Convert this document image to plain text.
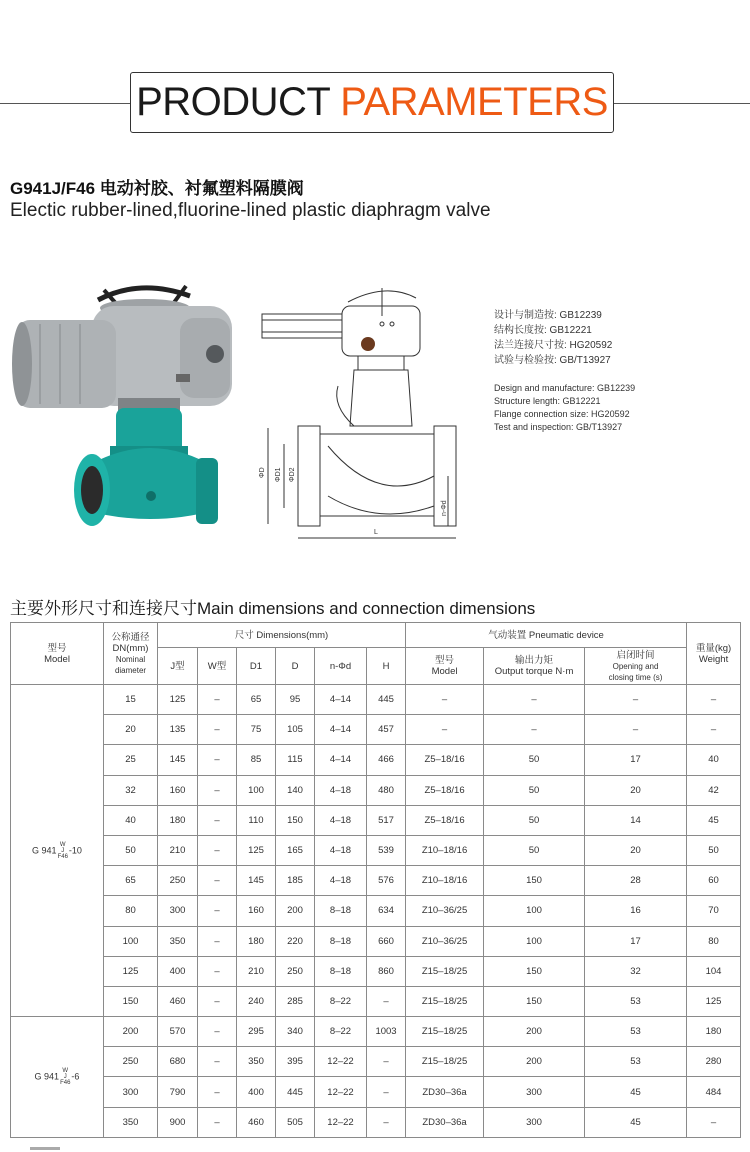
PRODUCT PARAMETERS
G941J/F46 电动衬胶、衬氟塑料隔膜阀
Electic rubber-lined,fluorine-lined plastic diaphragm valve
ΦD ΦD1 ΦD2
L
n-Φd
设计与制造按: GB12239
结构长度按: GB12221
法兰连接尺寸按: HG20592
试验与检验按: GB/T13927
Design and manufacture: GB12239
Structure length: GB12221
Flange connection size: HG20592
Test and inspection: GB/T13927
主要外形尺寸和连接尺寸Main dimensions and connection dimensions
型号
Model	公称通径
DN(mm)

Nominal
diameter	尺寸 Dimensions(mm)						气动装置 Pneumatic device			重量(kg)
Weight
		J型	W型	D1	D	n-Φd	H	型号
Model	输出力矩
Output torque N·m	启闭时间

Opening and
closing time (s)	

G 941W
J
F46-10	15	125	–	65	95	4–14	445	–	–	–	–
	20	135	–	75	105	4–14	457	–	–	–	–
	25	145	–	85	115	4–14	466	Z5–18/16	50	17	40
	32	160	–	100	140	4–18	480	Z5–18/16	50	20	42
	40	180	–	110	150	4–18	517	Z5–18/16	50	14	45
	50	210	–	125	165	4–18	539	Z10–18/16	50	20	50
	65	250	–	145	185	4–18	576	Z10–18/16	150	28	60
	80	300	–	160	200	8–18	634	Z10–36/25	100	16	70
	100	350	–	180	220	8–18	660	Z10–36/25	100	17	80
	125	400	–	210	250	8–18	860	Z15–18/25	150	32	104
	150	460	–	240	285	8–22	–	Z15–18/25	150	53	125
G 941W
J
F46-6	200	570	–	295	340	8–22	1003	Z15–18/25	200	53	180
	250	680	–	350	395	12–22	–	Z15–18/25	200	53	280
	300	790	–	400	445	12–22	–	ZD30–36a	300	45	484
	350	900	–	460	505	12–22	–	ZD30–36a	300	45	–
